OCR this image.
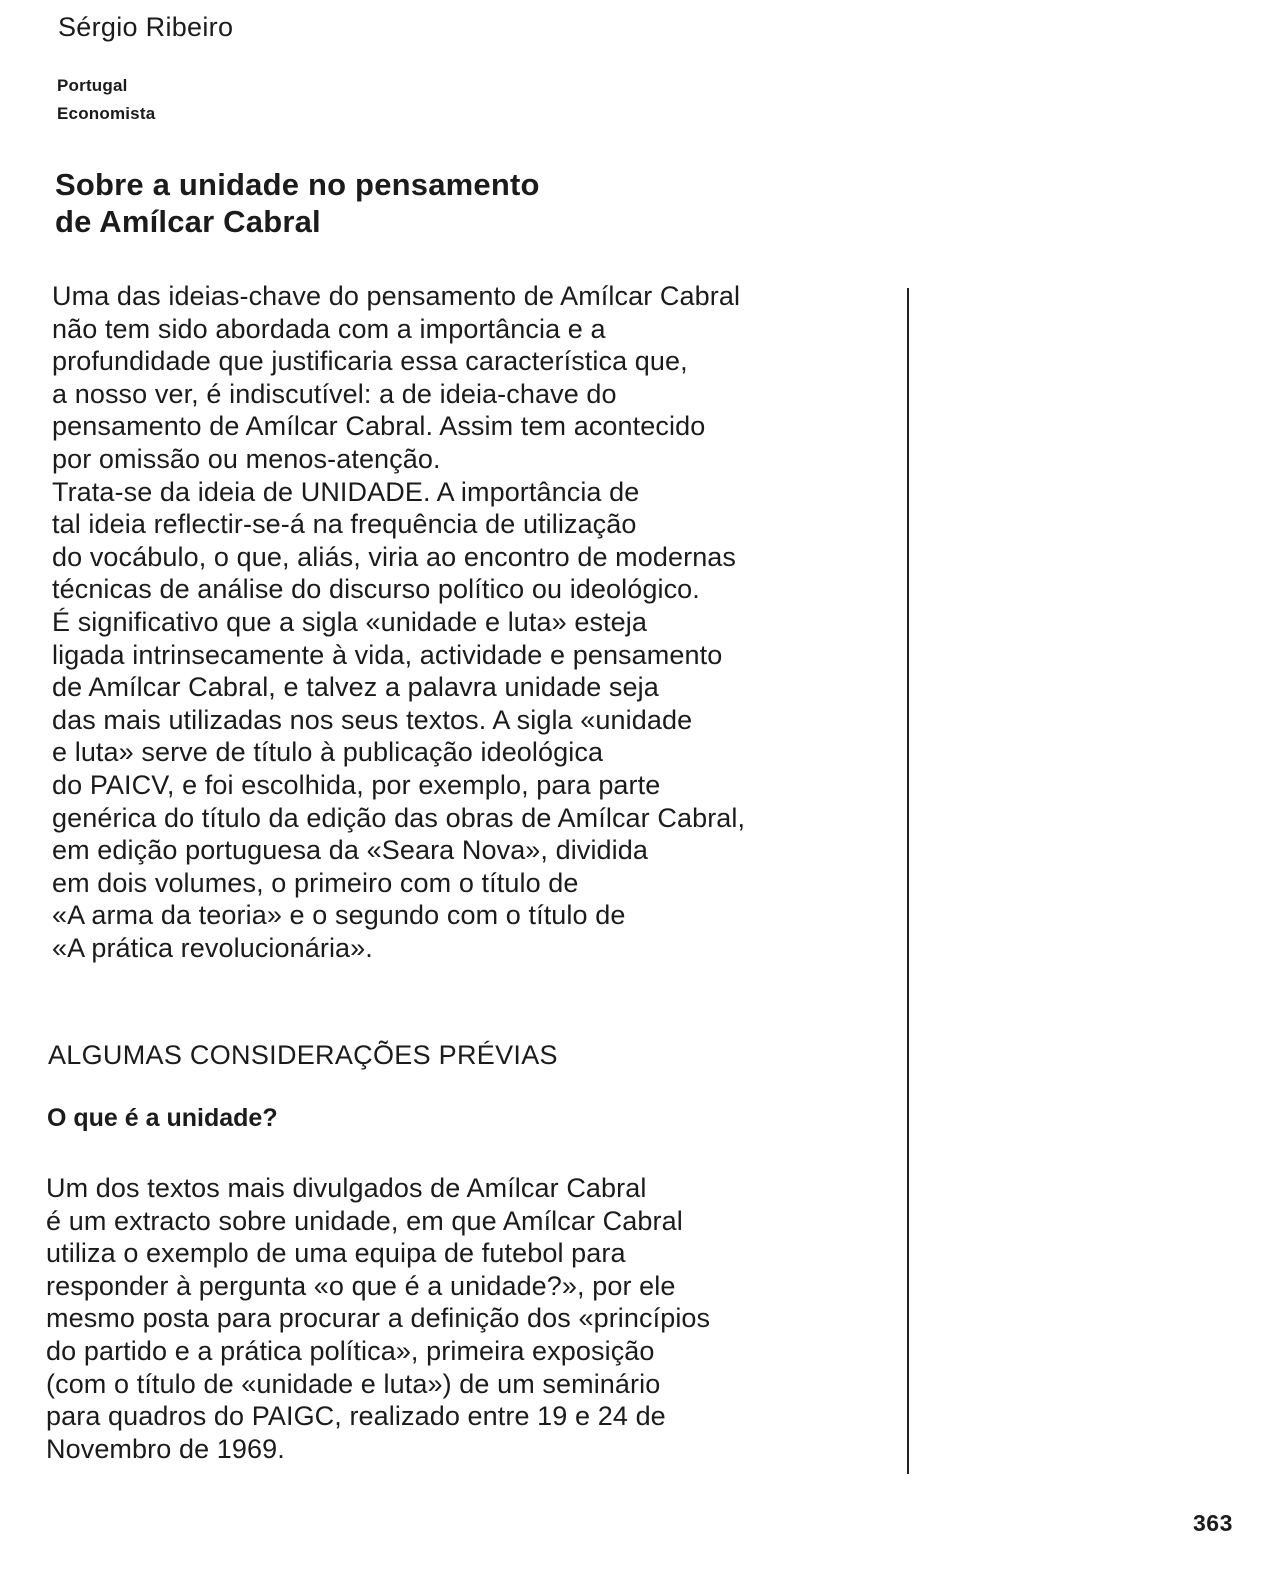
Sérgio Ribeiro
Portugal
Economista
Sobre a unidade no pensamento
de Amílcar Cabral
Uma das ideias-chave do pensamento de Amílcar Cabral
não tem sido abordada com a importância e a
profundidade que justificaria essa característica que,
a nosso ver, é indiscutível: a de ideia-chave do
pensamento de Amílcar Cabral. Assim tem acontecido
por omissão ou menos-atenção.
Trata-se da ideia de UNIDADE. A importância de
tal ideia reflectir-se-á na frequência de utilização
do vocábulo, o que, aliás, viria ao encontro de modernas
técnicas de análise do discurso político ou ideológico.
É significativo que a sigla «unidade e luta» esteja
ligada intrinsecamente à vida, actividade e pensamento
de Amílcar Cabral, e talvez a palavra unidade seja
das mais utilizadas nos seus textos. A sigla «unidade
e luta» serve de título à publicação ideológica
do PAICV, e foi escolhida, por exemplo, para parte
genérica do título da edição das obras de Amílcar Cabral,
em edição portuguesa da «Seara Nova», dividida
em dois volumes, o primeiro com o título de
«A arma da teoria» e o segundo com o título de
«A prática revolucionária».
ALGUMAS CONSIDERAÇÕES PRÉVIAS
O que é a unidade?
Um dos textos mais divulgados de Amílcar Cabral
é um extracto sobre unidade, em que Amílcar Cabral
utiliza o exemplo de uma equipa de futebol para
responder à pergunta «o que é a unidade?», por ele
mesmo posta para procurar a definição dos «princípios
do partido e a prática política», primeira exposição
(com o título de «unidade e luta») de um seminário
para quadros do PAIGC, realizado entre 19 e 24 de
Novembro de 1969.
363
